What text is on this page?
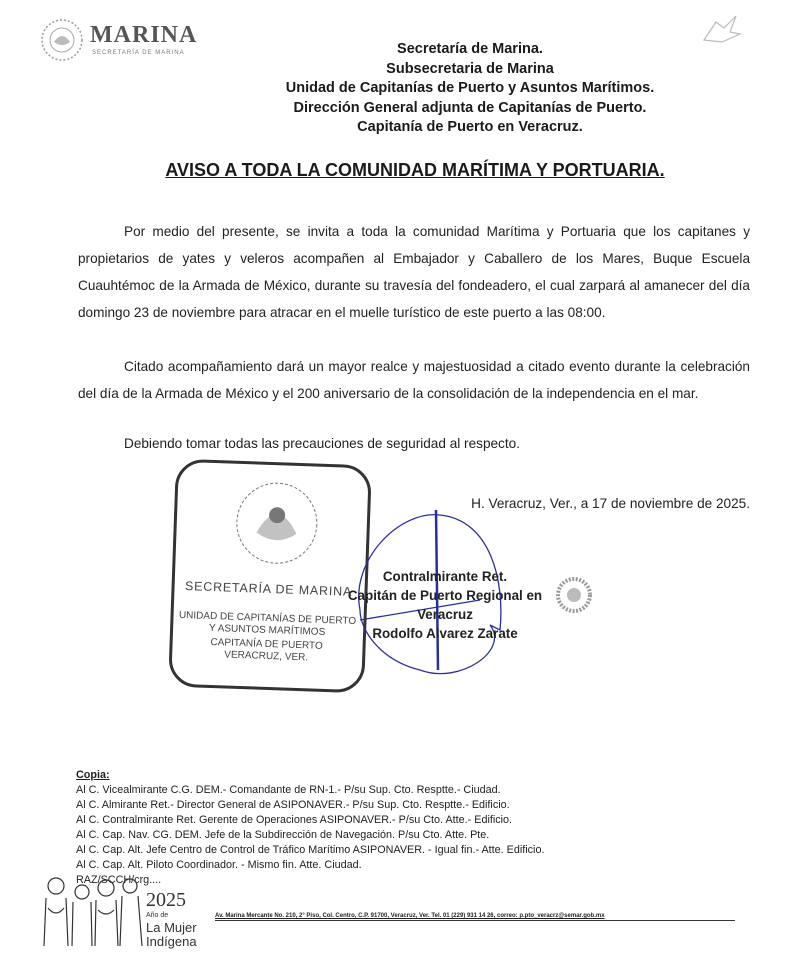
MARINA
SECRETARÍA DE MARINA	Secretaría de Marina.
Subsecretaria de Marina
Unidad de Capitanías de Puerto y Asuntos Marítimos.
Dirección General adjunta de Capitanías de Puerto.
Capitanía de Puerto en Veracruz.
AVISO A TODA LA COMUNIDAD MARÍTIMA Y PORTUARIA.
Por medio del presente, se invita a toda la comunidad Marítima y Portuaria que los capitanes y propietarios de yates y veleros acompañen al Embajador y Caballero de los Mares, Buque Escuela Cuauhtémoc de la Armada de México, durante su travesía del fondeadero, el cual zarpará al amanecer del día domingo 23 de noviembre para atracar en el muelle turístico de este puerto a las 08:00.
Citado acompañamiento dará un mayor realce y majestuosidad a citado evento durante la celebración del día de la Armada de México y el 200 aniversario de la consolidación de la independencia en el mar.
Debiendo tomar todas las precauciones de seguridad al respecto.
H. Veracruz, Ver., a 17 de noviembre de 2025.
SECRETARÍA DE MARINA
UNIDAD DE CAPITANÍAS DE PUERTO
Y ASUNTOS MARÍTIMOS
CAPITANÍA DE PUERTO
VERACRUZ, VER.
Contralmirante Ret.
Capitán de Puerto Regional en Veracruz
Rodolfo Alvarez Zarate
Copia:
Al C. Vicealmirante C.G. DEM.- Comandante de RN-1.- P/su Sup. Cto. Resptte.- Ciudad.
Al C. Almirante Ret.- Director General de ASIPONAVER.- P/su Sup. Cto. Resptte.- Edificio.
Al C. Contralmirante Ret. Gerente de Operaciones ASIPONAVER.- P/su Cto. Atte.- Edificio.
Al C. Cap. Nav. CG. DEM. Jefe de la Subdirección de Navegación. P/su Cto. Atte. Pte.
Al C. Cap. Alt. Jefe Centro de Control de Tráfico Marítimo ASIPONAVER. - Igual fin.- Atte. Edificio.
Al C. Cap. Alt. Piloto Coordinador. - Mismo fin. Atte. Ciudad.
RAZ/SCCH/crg....
2025
Año de
La Mujer
Indígena
Av. Marina Mercante No. 210, 2° Piso, Col. Centro, C.P. 91700, Veracruz, Ver. Tel. 01 (229) 931 14 26, correo: p.pto_veracrz@semar.gob.mx
